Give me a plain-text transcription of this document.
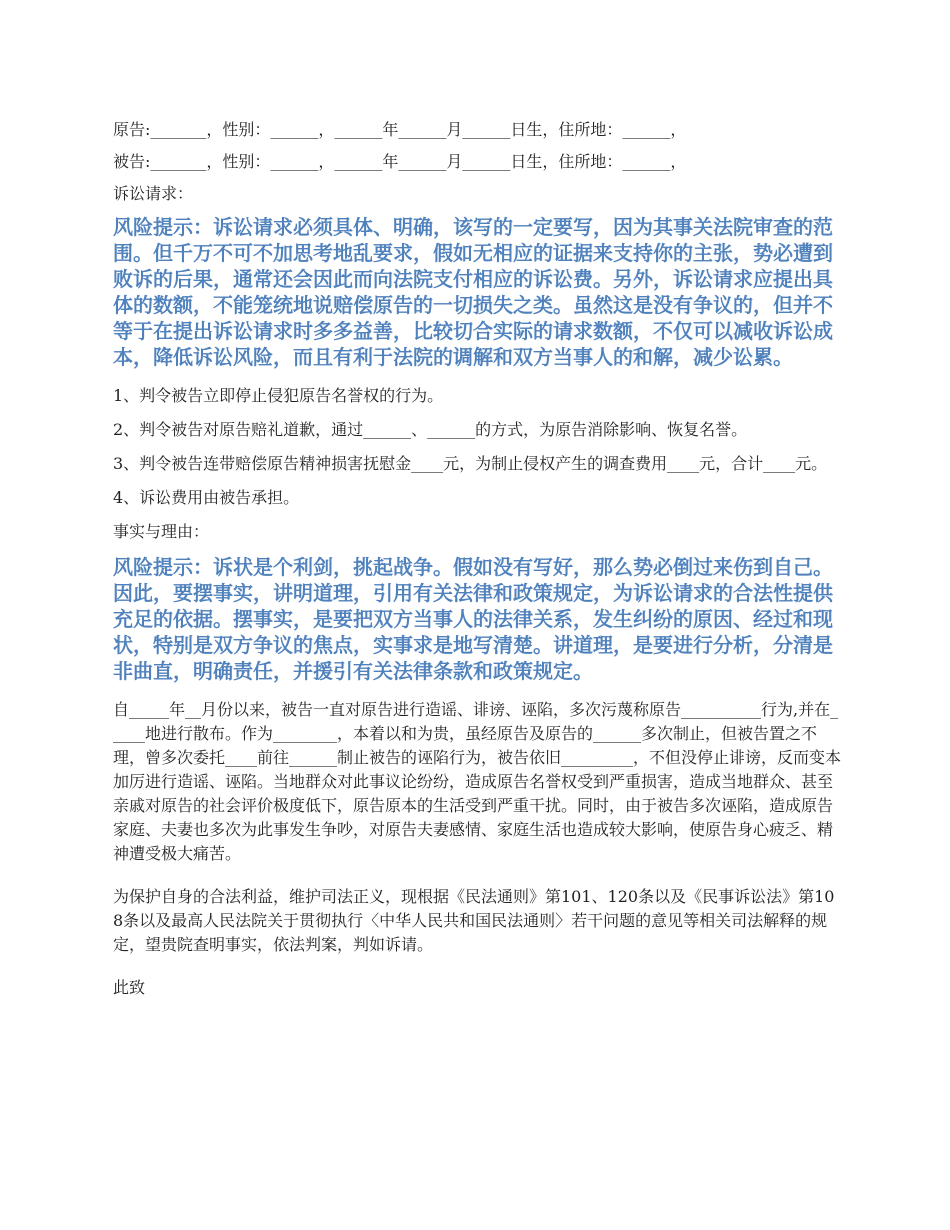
原告:_______，性别：______，______年______月______日生，住所地：______，

被告:_______，性别：______，______年______月______日生，住所地：______，

诉讼请求：

风险提示：诉讼请求必须具体、明确，该写的一定要写，因为其事关法院审查的范围。但千万不可不加思考地乱要求，假如无相应的证据来支持你的主张，势必遭到败诉的后果，通常还会因此而向法院支付相应的诉讼费。另外，诉讼请求应提出具体的数额，不能笼统地说赔偿原告的一切损失之类。虽然这是没有争议的，但并不等于在提出诉讼请求时多多益善，比较切合实际的请求数额，不仅可以减收诉讼成本，降低诉讼风险，而且有利于法院的调解和双方当事人的和解，减少讼累。

1、判令被告立即停止侵犯原告名誉权的行为。

2、判令被告对原告赔礼道歉，通过______、______的方式，为原告消除影响、恢复名誉。

3、判令被告连带赔偿原告精神损害抚慰金____元，为制止侵权产生的调查费用____元，合计____元。

4、诉讼费用由被告承担。

事实与理由：

风险提示：诉状是个利剑，挑起战争。假如没有写好，那么势必倒过来伤到自己。因此，要摆事实，讲明道理，引用有关法律和政策规定，为诉讼请求的合法性提供充足的依据。摆事实，是要把双方当事人的法律关系，发生纠纷的原因、经过和现状，特别是双方争议的焦点，实事求是地写清楚。讲道理，是要进行分析，分清是非曲直，明确责任，并援引有关法律条款和政策规定。

自_____年__月份以来，被告一直对原告进行造谣、诽谤、诬陷，多次污蔑称原告__________行为,并在_____地进行散布。作为________，本着以和为贵，虽经原告及原告的______多次制止，但被告置之不理，曾多次委托____前往______制止被告的诬陷行为，被告依旧_________，不但没停止诽谤，反而变本加厉进行造谣、诬陷。当地群众对此事议论纷纷，造成原告名誉权受到严重损害，造成当地群众、甚至亲戚对原告的社会评价极度低下，原告原本的生活受到严重干扰。同时，由于被告多次诬陷，造成原告家庭、夫妻也多次为此事发生争吵，对原告夫妻感情、家庭生活也造成较大影响，使原告身心疲乏、精神遭受极大痛苦。

为保护自身的合法利益，维护司法正义，现根据《民法通则》第101、120条以及《民事诉讼法》第108条以及最高人民法院关于贯彻执行〈中华人民共和国民法通则〉若干问题的意见等相关司法解释的规定，望贵院查明事实，依法判案，判如诉请。

此致
